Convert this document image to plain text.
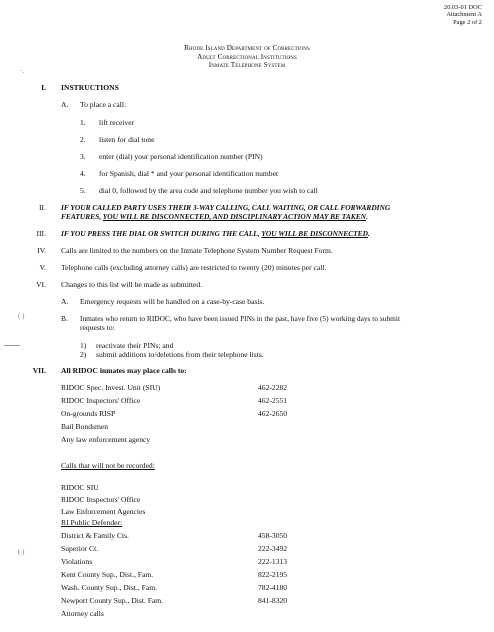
20.03-01 DOC
Attachment A
Page 2 of 2
Rhode Island Department of Corrections
Adult Correctional Institutions
Inmate Telephone System
·.
( )
( )
I. INSTRUCTIONS
A. To place a call:
1. lift receiver
2. listen for dial tone
3. enter (dial) your personal identification number (PIN)
4. for Spanish, dial * and your personal identification number
5. dial 0, followed by the area code and telephone number you wish to call
II. IF YOUR CALLED PARTY USES THEIR 3-WAY CALLING, CALL WAITING, OR CALL FORWARDING
FEATURES, YOU WILL BE DISCONNECTED, AND DISCIPLINARY ACTION MAY BE TAKEN.
III. IF YOU PRESS THE DIAL OR SWITCH DURING THE CALL, YOU WILL BE DISCONNECTED.
IV. Calls are limited to the numbers on the Inmate Telephone System Number Request Form.
V. Telephone calls (excluding attorney calls) are restricted to twenty (20) minutes per call.
VI. Changes to this list will be made as submitted.
A. Emergency requests will be handled on a case-by-case basis.
B. Inmates who return to RIDOC, who have been issued PINs in the past, have five (5) working days to submit
requests to:
1) reactivate their PINs; and
2) submit additions to/deletions from their telephone lists.
VII. All RIDOC inmates may place calls to:
RIDOC Spec. Invest. Unit (SIU)	462-2282
RIDOC Inspectors' Office	462-2551
On-grounds RISP	462-2650
Bail Bondsmen
Any law enforcement agency
Calls that will not be recorded:
RIDOC SIU
RIDOC Inspectors' Office
Law Enforcement Agencies
RI Public Defender:
District & Family Cts.	458-3050
Superior Ct.	222-3492
Violations	222-1313
Kent County Sup., Dist., Fam.	822-2195
Wash. County Sup., Dist., Fam.	782-4180
Newport County Sup., Dist. Fam.	841-8320
Attorney calls
